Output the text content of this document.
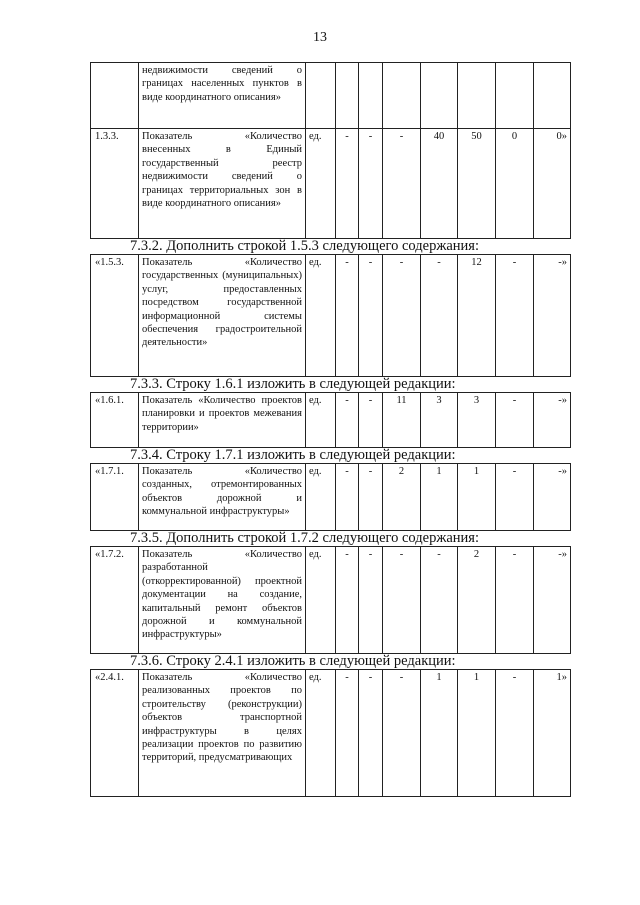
13
	недвижимости сведений о границах населенных пунктов в виде координатного описания»								
1.3.3.	Показатель «Количество внесенных в Единый государственный реестр недвижимости сведений о границах территориальных зон в виде координатного описания»	ед.	-	-	-	40	50	0	0»
7.3.2. Дополнить строкой 1.5.3 следующего содержания:
«1.5.3.	Показатель «Количество государственных (муниципальных) услуг, предоставленных посредством государственной информационной системы обеспечения градостроительной деятельности»	ед.	-	-	-	-	12	-	-»
7.3.3. Строку 1.6.1 изложить в следующей редакции:
«1.6.1.	Показатель «Количество проектов планировки и проектов межевания территории»	ед.	-	-	11	3	3	-	-»
7.3.4. Строку 1.7.1 изложить в следующей редакции:
«1.7.1.	Показатель «Количество созданных, отремонтированных объектов дорожной и коммунальной инфраструктуры»	ед.	-	-	2	1	1	-	-»
7.3.5. Дополнить строкой 1.7.2 следующего содержания:
«1.7.2.	Показатель «Количество разработанной (откорректированной) проектной документации на создание, капитальный ремонт объектов дорожной и коммунальной инфраструктуры»	ед.	-	-	-	-	2	-	-»
7.3.6. Строку 2.4.1 изложить в следующей редакции:
«2.4.1.	Показатель «Количество реализованных проектов по строительству (реконструкции) объектов транспортной инфраструктуры в целях реализации проектов по развитию территорий, предусматривающих	ед.	-	-	-	1	1	-	1»
